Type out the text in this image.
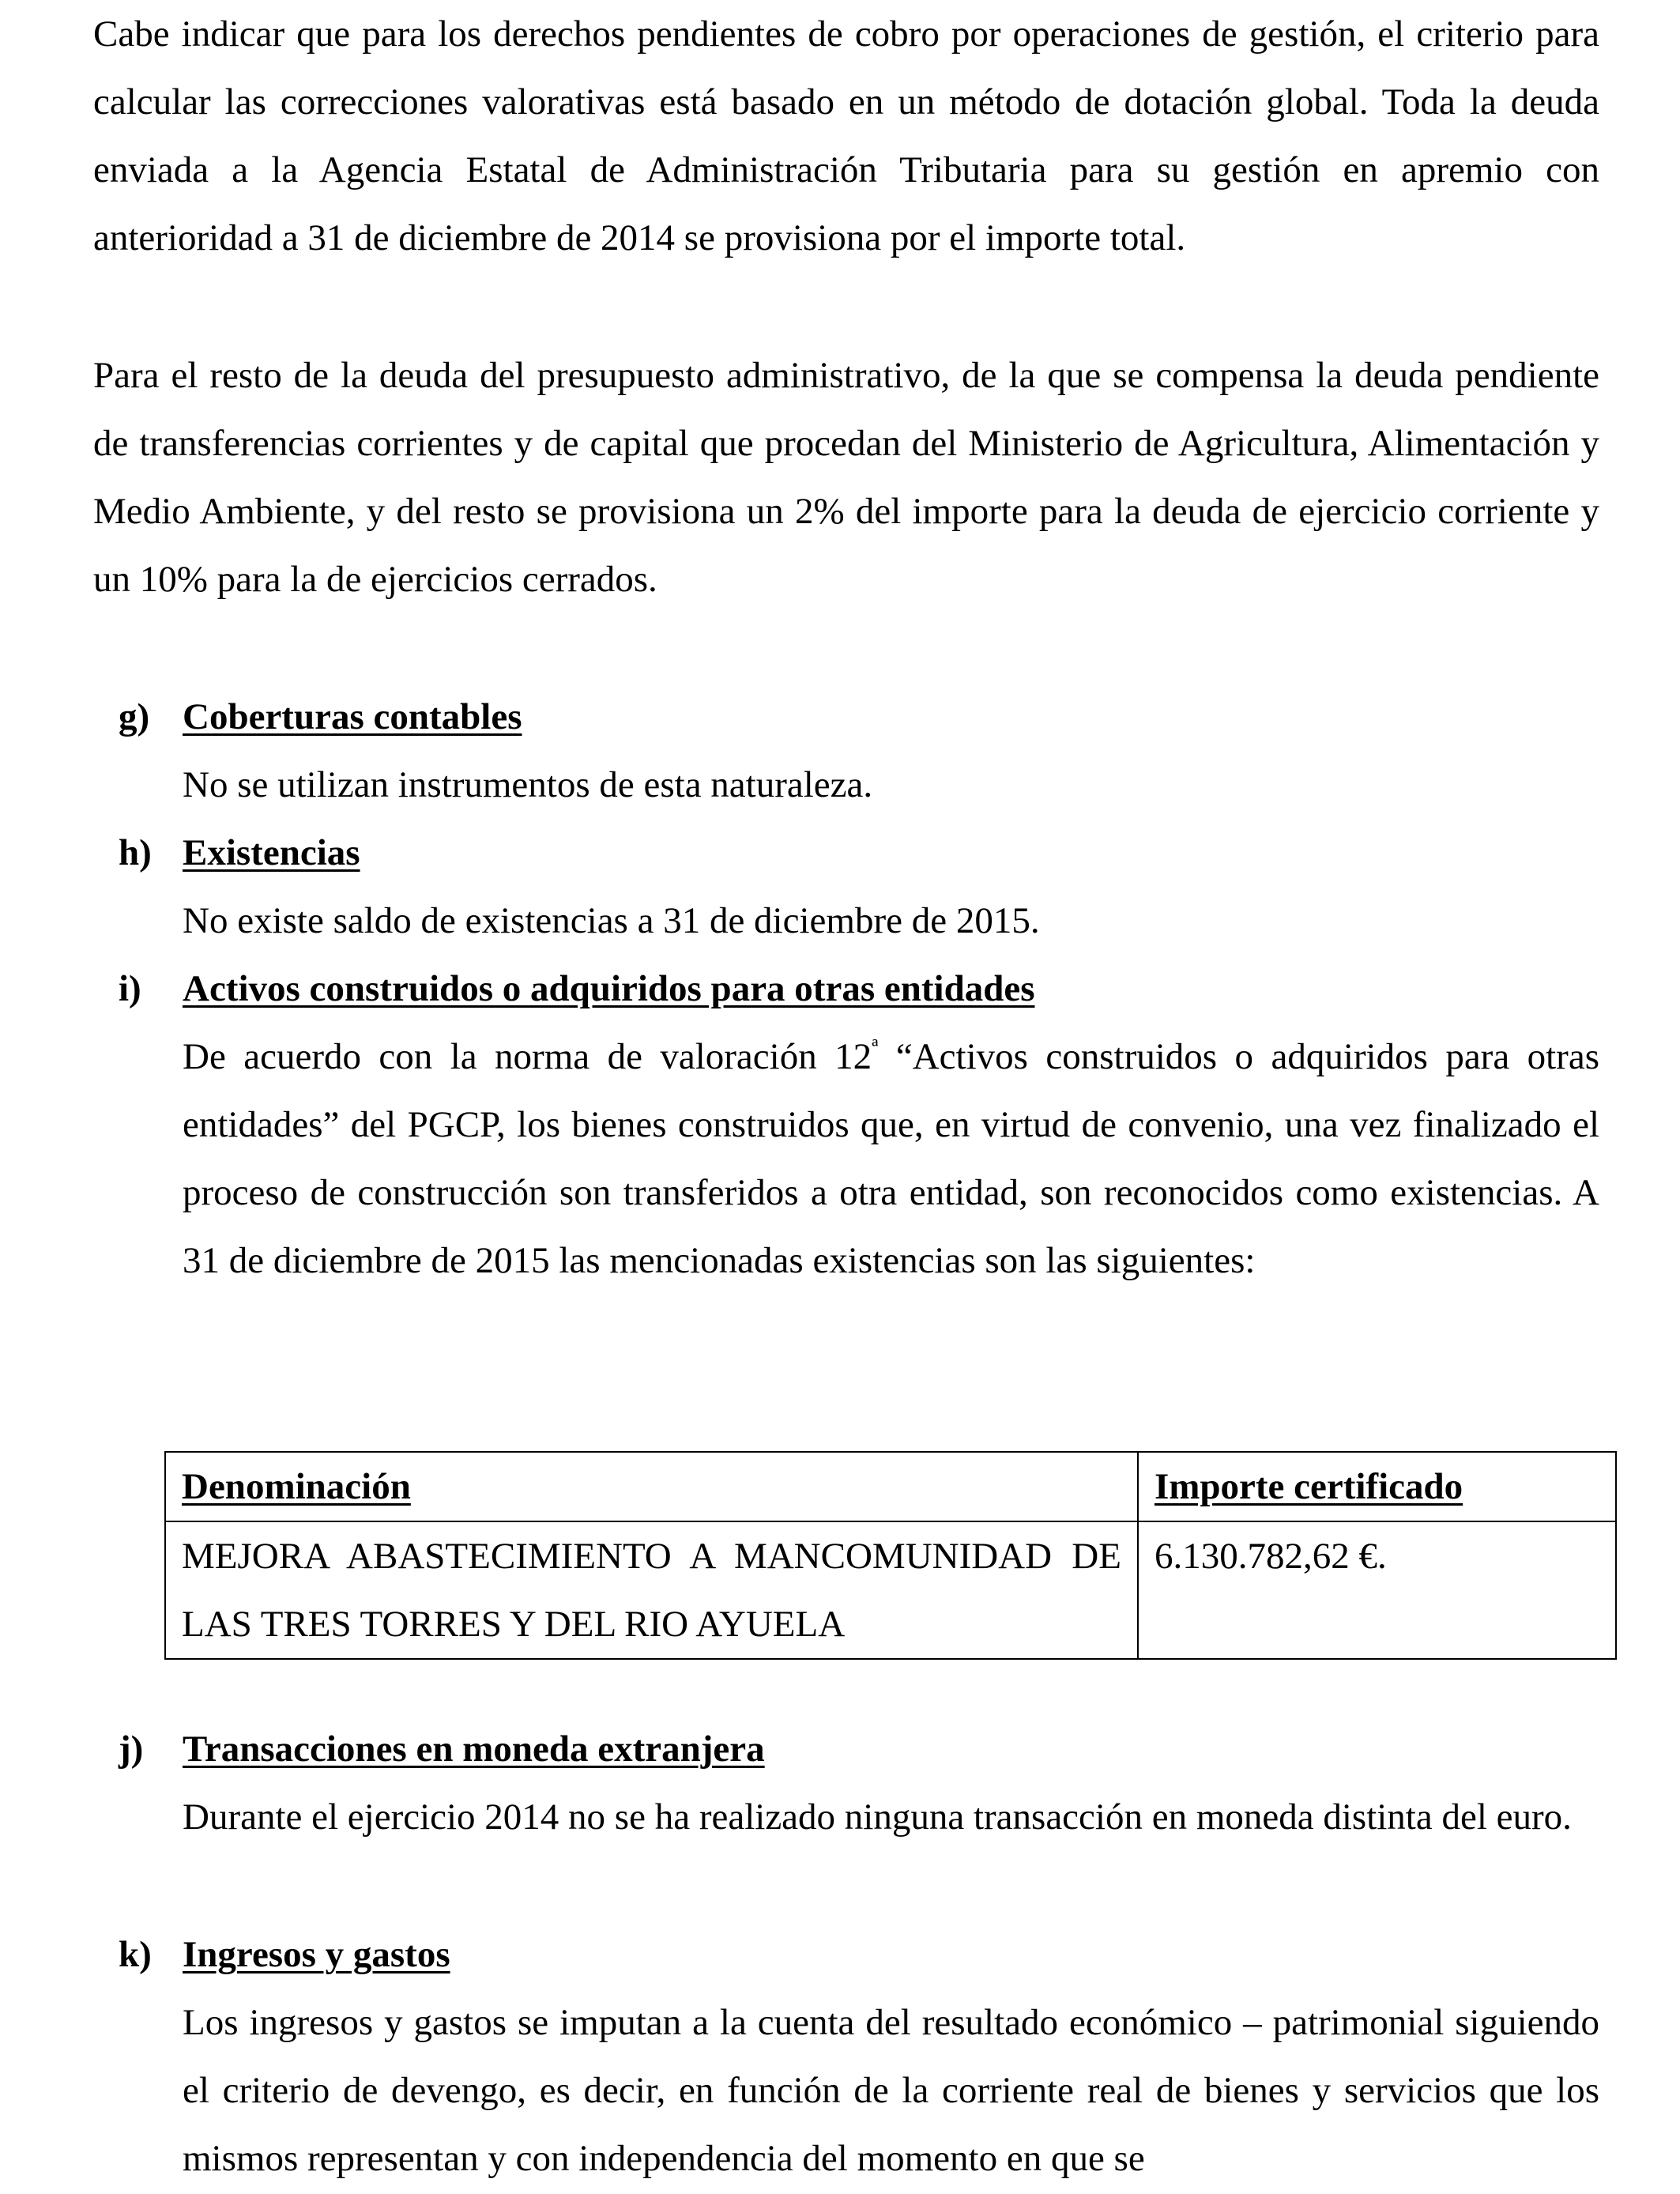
Cabe indicar que para los derechos pendientes de cobro por operaciones de gestión, el criterio para calcular las correcciones valorativas está basado en un método de dotación global. Toda la deuda enviada a la Agencia Estatal de Administración Tributaria para su gestión en apremio con anterioridad a 31 de diciembre de 2014 se provisiona por el importe total.

Para el resto de la deuda del presupuesto administrativo, de la que se compensa la deuda pendiente de transferencias corrientes y de capital que procedan del Ministerio de Agricultura, Alimentación y Medio Ambiente, y del resto se provisiona un 2% del importe para la deuda de ejercicio corriente y un 10% para la de ejercicios cerrados.

g) Coberturas contables

No se utilizan instrumentos de esta naturaleza.

h) Existencias

No existe saldo de existencias a 31 de diciembre de 2015.

i) Activos construidos o adquiridos para otras entidades

De acuerdo con la norma de valoración $12^ª$ “Activos construidos o adquiridos para otras entidades” del PGCP, los bienes construidos que, en virtud de convenio, una vez finalizado el proceso de construcción son transferidos a otra entidad, son reconocidos como existencias. A 31 de diciembre de 2015 las mencionadas existencias son las siguientes:

Denominación	Importe certificado
MEJORA ABASTECIMIENTO A MANCOMUNIDAD DE LAS TRES TORRES Y DEL RIO AYUELA	6.130.782,62 €.
j) Transacciones en moneda extranjera

Durante el ejercicio 2014 no se ha realizado ninguna transacción en moneda distinta del euro.

k) Ingresos y gastos

Los ingresos y gastos se imputan a la cuenta del resultado económico – patrimonial siguiendo el criterio de devengo, es decir, en función de la corriente real de bienes y servicios que los mismos representan y con independencia del momento en que se
